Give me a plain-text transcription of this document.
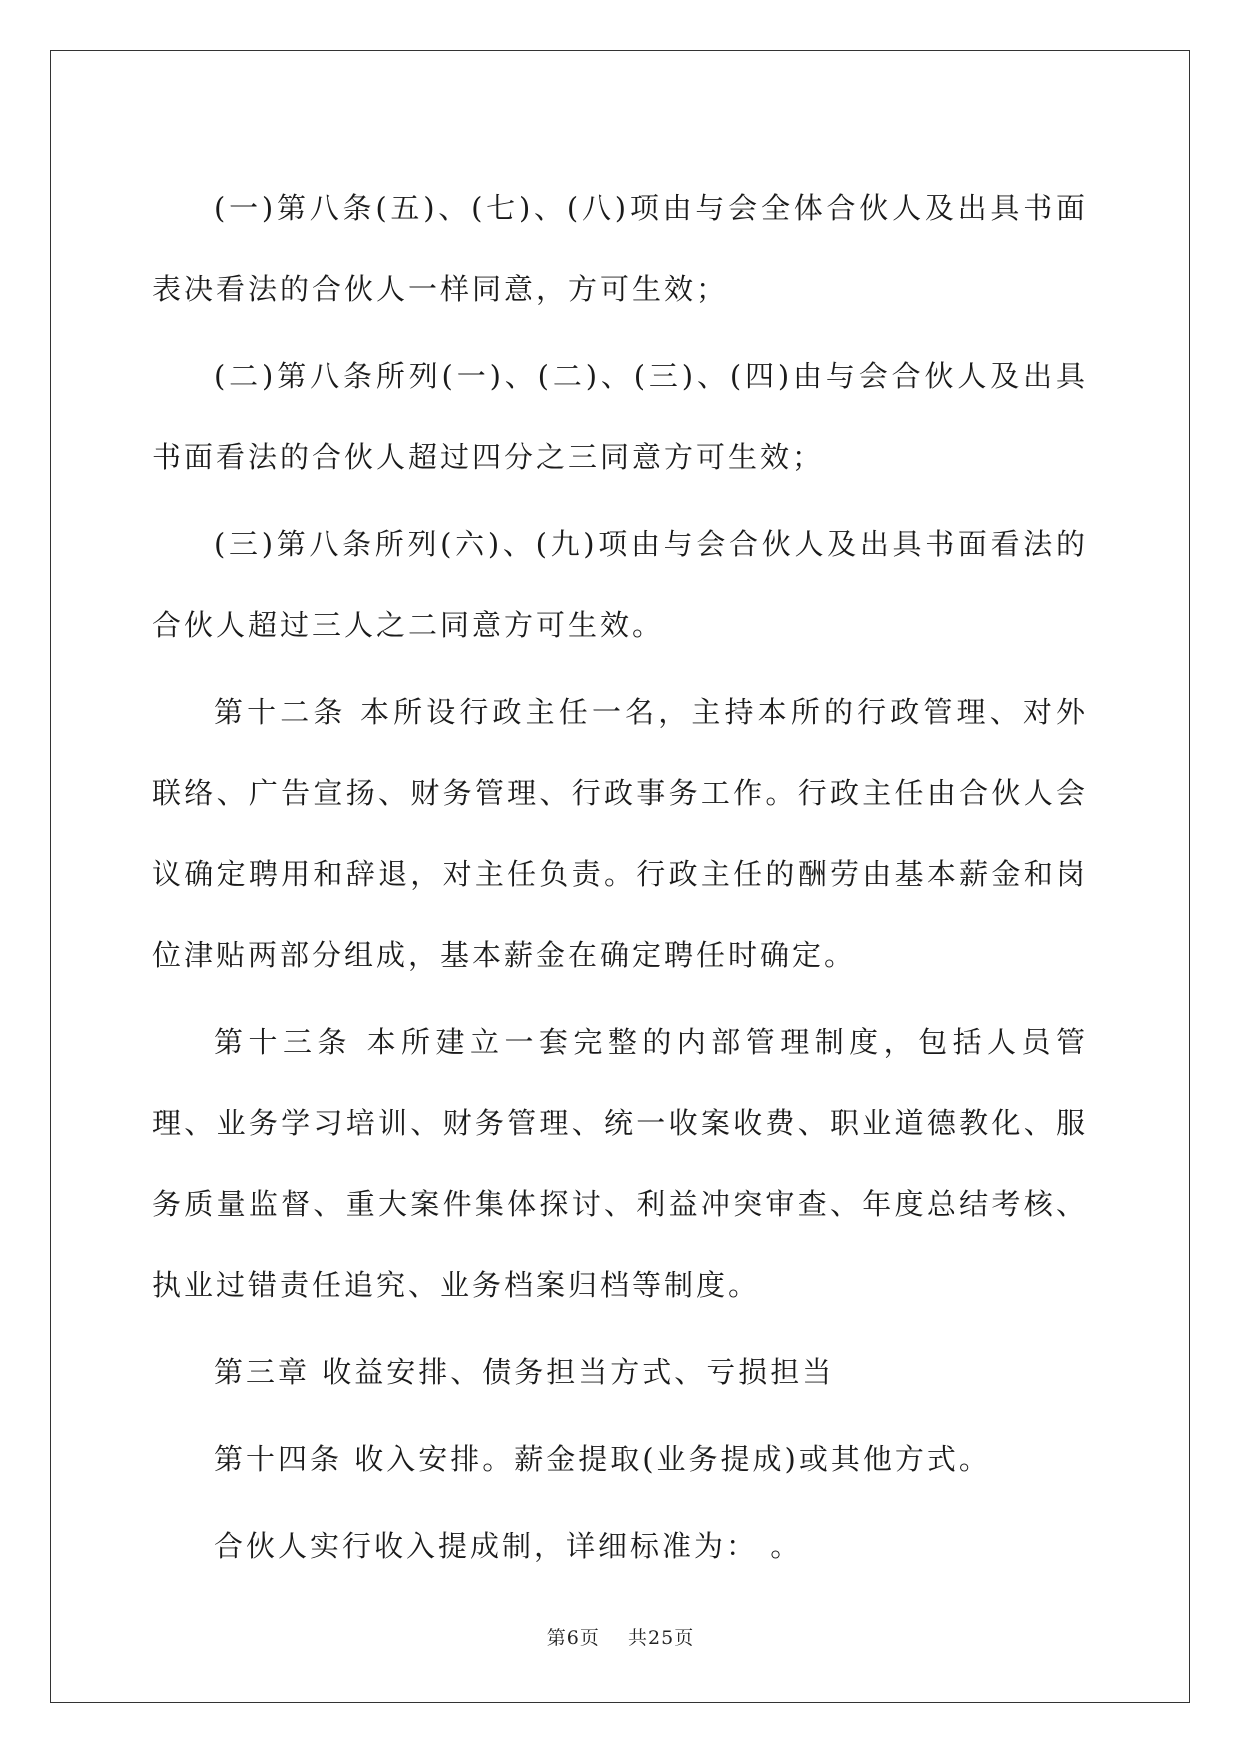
(一)第八条(五)、(七)、(八)项由与会全体合伙人及出具书面表决看法的合伙人一样同意，方可生效；

(二)第八条所列(一)、(二)、(三)、(四)由与会合伙人及出具书面看法的合伙人超过四分之三同意方可生效；

(三)第八条所列(六)、(九)项由与会合伙人及出具书面看法的合伙人超过三人之二同意方可生效。

第十二条 本所设行政主任一名，主持本所的行政管理、对外联络、广告宣扬、财务管理、行政事务工作。行政主任由合伙人会议确定聘用和辞退，对主任负责。行政主任的酬劳由基本薪金和岗位津贴两部分组成，基本薪金在确定聘任时确定。

第十三条 本所建立一套完整的内部管理制度，包括人员管理、业务学习培训、财务管理、统一收案收费、职业道德教化、服务质量监督、重大案件集体探讨、利益冲突审查、年度总结考核、执业过错责任追究、业务档案归档等制度。

第三章 收益安排、债务担当方式、亏损担当

第十四条 收入安排。薪金提取(业务提成)或其他方式。

合伙人实行收入提成制，详细标准为： 。

第6页    共25页
